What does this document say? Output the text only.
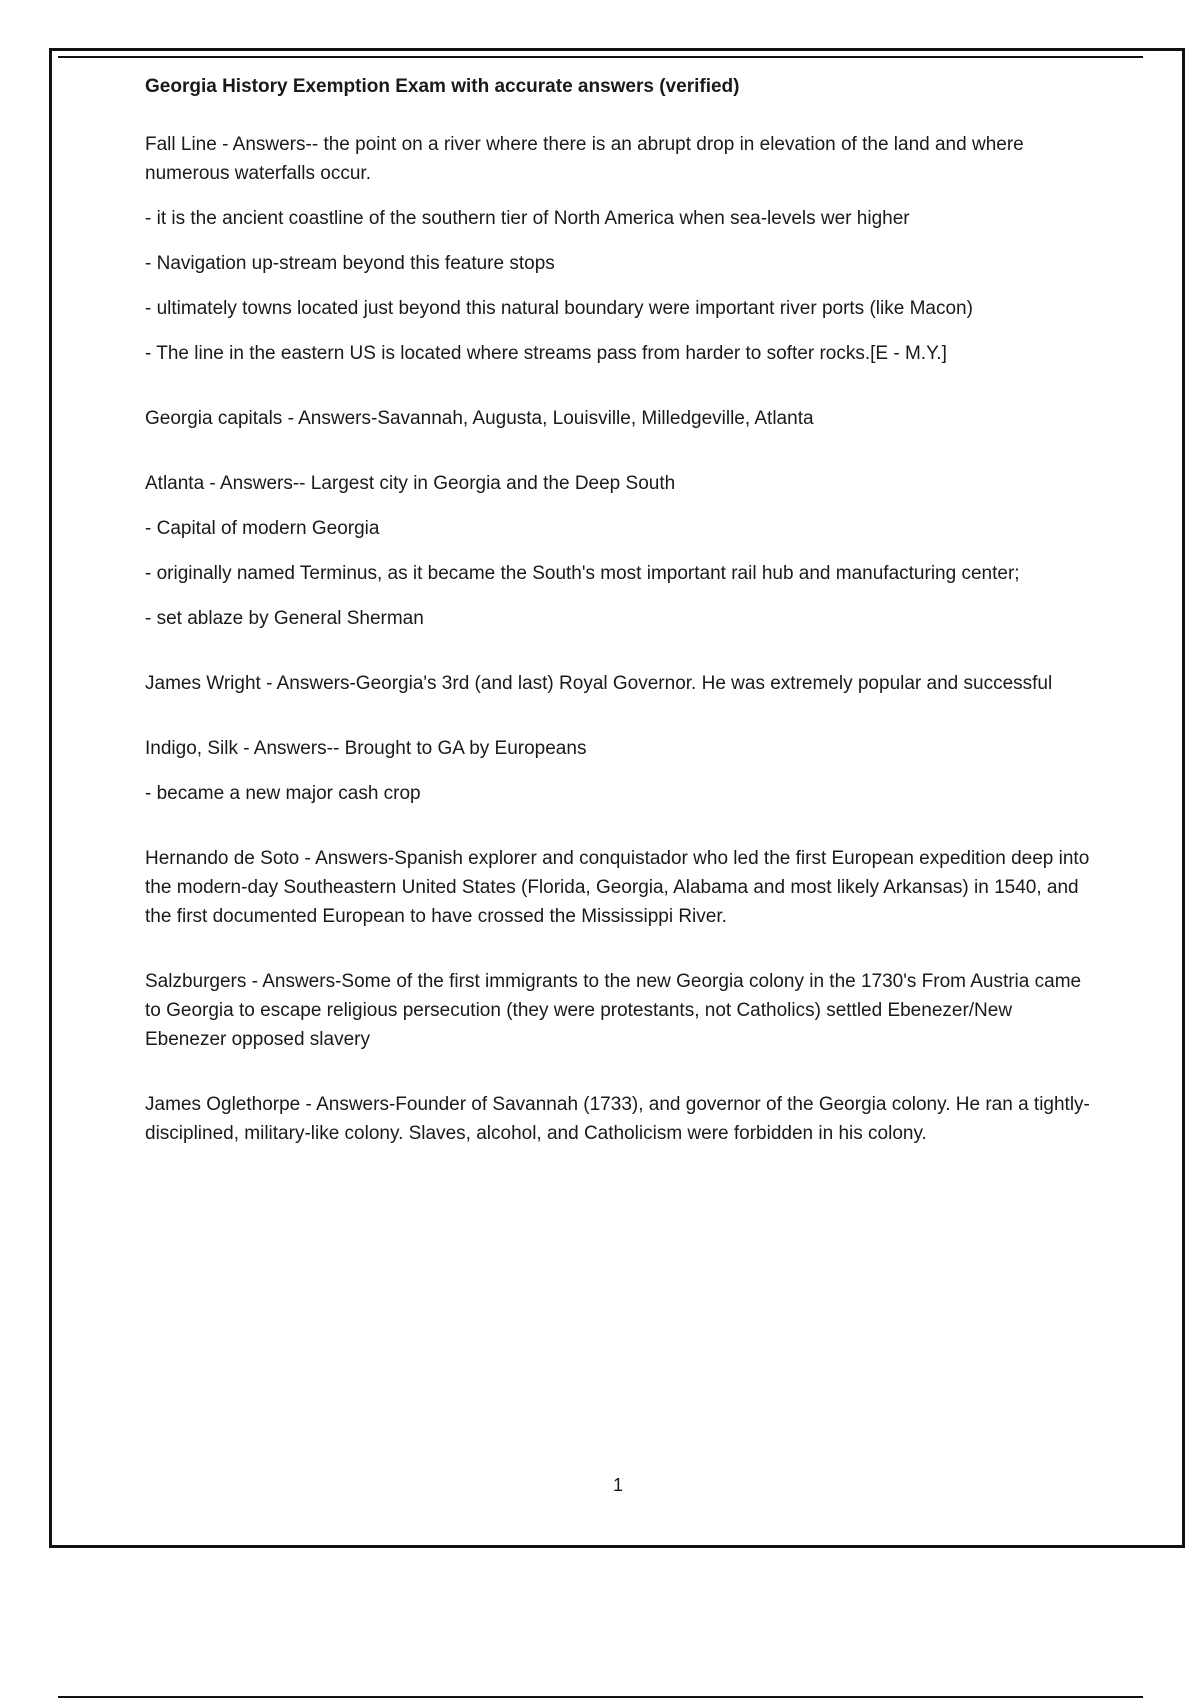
Georgia History Exemption Exam with accurate answers (verified)

Fall Line - Answers-- the point on a river where there is an abrupt drop in elevation of the land and where numerous waterfalls occur.

- it is the ancient coastline of the southern tier of North America when sea-levels wer higher

- Navigation up-stream beyond this feature stops

- ultimately towns located just beyond this natural boundary were important river ports (like Macon)

- The line in the eastern US is located where streams pass from harder to softer rocks.[E - M.Y.]

Georgia capitals - Answers-Savannah, Augusta, Louisville, Milledgeville, Atlanta

Atlanta - Answers-- Largest city in Georgia and the Deep South

- Capital of modern Georgia

- originally named Terminus, as it became the South's most important rail hub and manufacturing center;

- set ablaze by General Sherman

James Wright - Answers-Georgia's 3rd (and last) Royal Governor. He was extremely popular and successful

Indigo, Silk - Answers-- Brought to GA by Europeans

- became a new major cash crop

Hernando de Soto - Answers-Spanish explorer and conquistador who led the first European expedition deep into the modern-day Southeastern United States (Florida, Georgia, Alabama and most likely Arkansas) in 1540, and the first documented European to have crossed the Mississippi River.

Salzburgers - Answers-Some of the first immigrants to the new Georgia colony in the 1730's From Austria came to Georgia to escape religious persecution (they were protestants, not Catholics) settled Ebenezer/New Ebenezer opposed slavery

James Oglethorpe - Answers-Founder of Savannah (1733), and governor of the Georgia colony. He ran a tightly-disciplined, military-like colony. Slaves, alcohol, and Catholicism were forbidden in his colony.

1
